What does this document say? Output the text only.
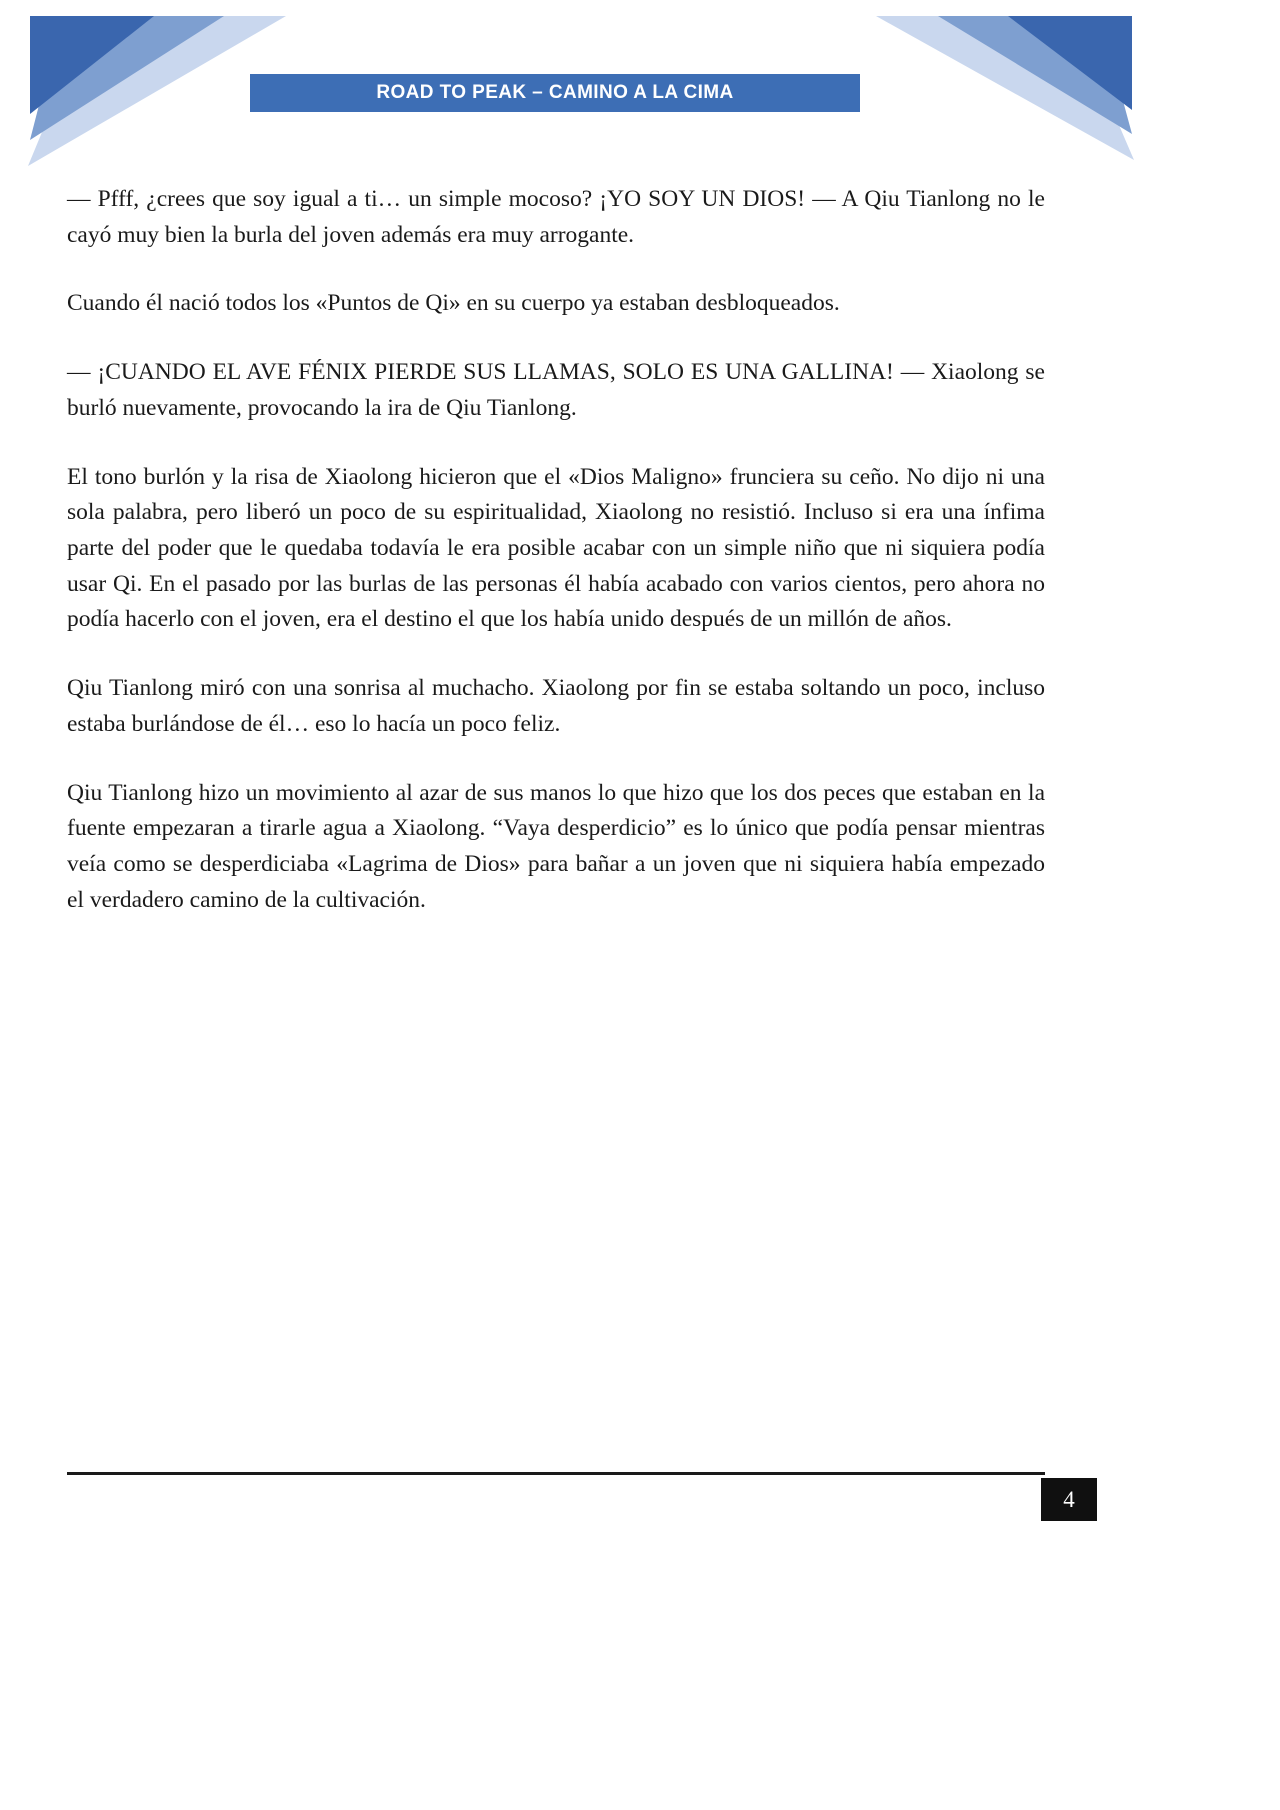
ROAD TO PEAK – CAMINO A LA CIMA

— Pfff, ¿crees que soy igual a ti… un simple mocoso? ¡YO SOY UN DIOS! — A Qiu Tianlong no le cayó muy bien la burla del joven además era muy arrogante.

Cuando él nació todos los «Puntos de Qi» en su cuerpo ya estaban desbloqueados.

— ¡CUANDO EL AVE FÉNIX PIERDE SUS LLAMAS, SOLO ES UNA GALLINA! — Xiaolong se burló nuevamente, provocando la ira de Qiu Tianlong.

El tono burlón y la risa de Xiaolong hicieron que el «Dios Maligno» frunciera su ceño. No dijo ni una sola palabra, pero liberó un poco de su espiritualidad, Xiaolong no resistió. Incluso si era una ínfima parte del poder que le quedaba todavía le era posible acabar con un simple niño que ni siquiera podía usar Qi. En el pasado por las burlas de las personas él había acabado con varios cientos, pero ahora no podía hacerlo con el joven, era el destino el que los había unido después de un millón de años.

Qiu Tianlong miró con una sonrisa al muchacho. Xiaolong por fin se estaba soltando un poco, incluso estaba burlándose de él… eso lo hacía un poco feliz.

Qiu Tianlong hizo un movimiento al azar de sus manos lo que hizo que los dos peces que estaban en la fuente empezaran a tirarle agua a Xiaolong. “Vaya desperdicio” es lo único que podía pensar mientras veía como se desperdiciaba «Lagrima de Dios» para bañar a un joven que ni siquiera había empezado el verdadero camino de la cultivación.

4
